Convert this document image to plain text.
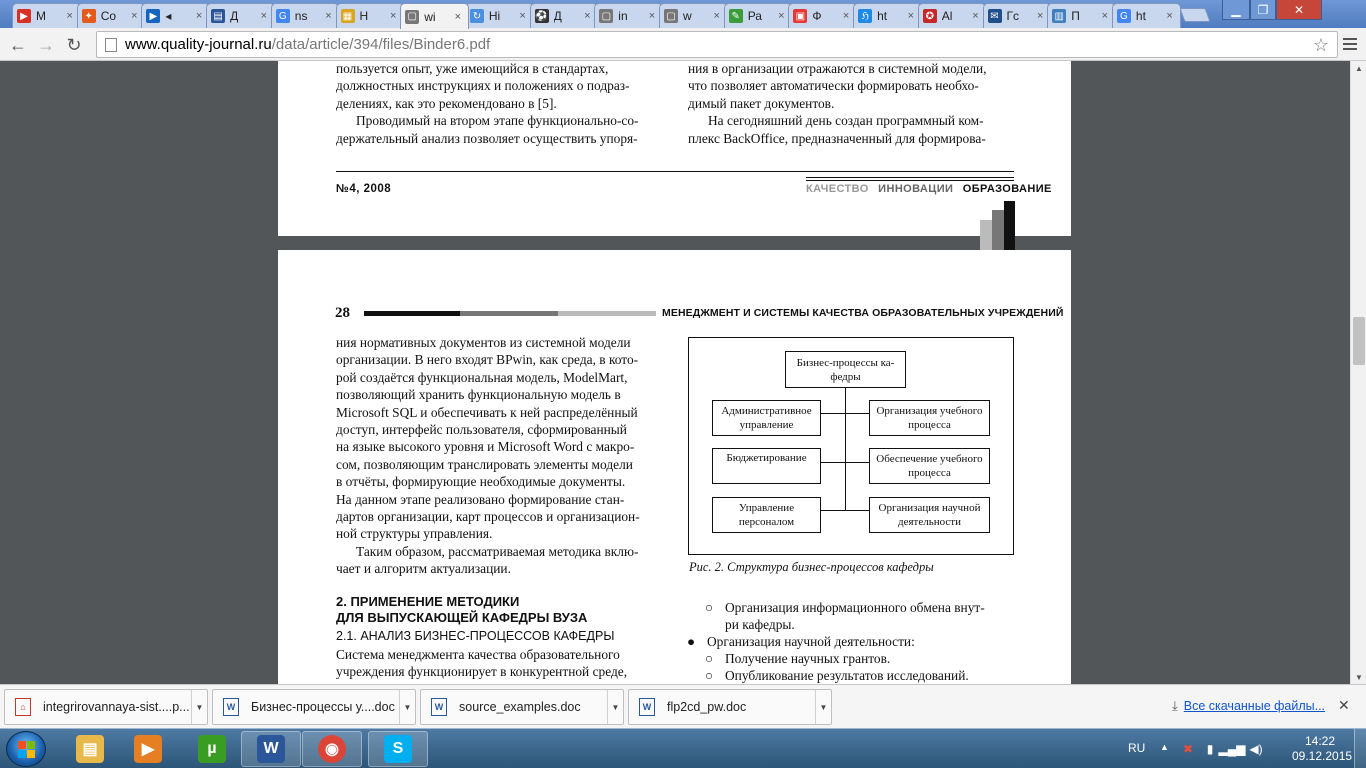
▶ M	× ✦ Co	×	▶ ◂	× ▤ Д	×	G ns	× ▦ H	× ▢ wi	× ↻ Hi	× ⚽ Д	× ▢ in	× ▢ w	× ✎ Ра	× ▣ Ф	×	ℌ ht	× ✪ Al	× ✉ Гс	× ▥ П	×	G ht	×	▁	❐	✕
← → ↻	www.quality-journal.ru /data/article/394/files/Binder6.pdf	☆

пользуется опыт, уже имеющийся в стандартах,

должностных инструкциях и положениях о подраз-

делениях, как это рекомендовано в [5].

Проводимый на втором этапе функционально-со-

держательный анализ позволяет осуществить упоря-

ния в организации отражаются в системной модели,

что позволяет автоматически формировать необхо-

димый пакет документов.

На сегодняшний день создан программный ком-

плекс BackOffice, предназначенный для формирова-

№4, 2008	КАЧЕСТВО ИННОВАЦИИ ОБРАЗОВАНИЕ
28	МЕНЕДЖМЕНТ И СИСТЕМЫ КАЧЕСТВА ОБРАЗОВАТЕЛЬНЫХ УЧРЕЖДЕНИЙ

ния нормативных документов из системной модели

организации. В него входят BPwin, как среда, в кото-

рой создаётся функциональная модель, ModelMart,

позволяющий хранить функциональную модель в

Microsoft SQL и обеспечивать к ней распределённый

доступ, интерфейс пользователя, сформированный

на языке высокого уровня и Microsoft Word с макро-

сом, позволяющим транслировать элементы модели

в отчёты, формирующие необходимые документы.

На данном этапе реализовано формирование стан-

дартов организации, карт процессов и организацион-

ной структуры управления.

Таким образом, рассматриваемая методика вклю-

чает и алгоритм актуализации.

2. ПРИМЕНЕНИЕ МЕТОДИКИ
ДЛЯ ВЫПУСКАЮЩЕЙ КАФЕДРЫ ВУЗА
2.1. АНАЛИЗ БИЗНЕС-ПРОЦЕССОВ КАФЕДРЫ

Система менеджмента качества образовательного

учреждения функционирует в конкурентной среде,

Бизнес-процессы ка-
федры
Административное
управление
Бюджетирование
Управление
персоналом
Организация учебного
процесса
Обеспечение учебного
процесса
Организация научной
деятельности
Рис. 2. Структура бизнес-процессов кафедры
○ Организация информационного обмена внут-
ри кафедры.
● Организация научной деятельности:
○ Получение научных грантов.
○ Опубликование результатов исследований.
▲
▼
⌂	integrirovannaya-sist....p... ▼	W	Бизнес-процессы у....doc	▼	W	source_examples.doc	▼	W	flp2cd_pw.doc	▼	⤓ Все скачанные файлы... ✕
▤	▶	µ	W	◉	S	RU ▲ ✖	▮ ▂▄▆ ◀)
14:22
09.12.2015
